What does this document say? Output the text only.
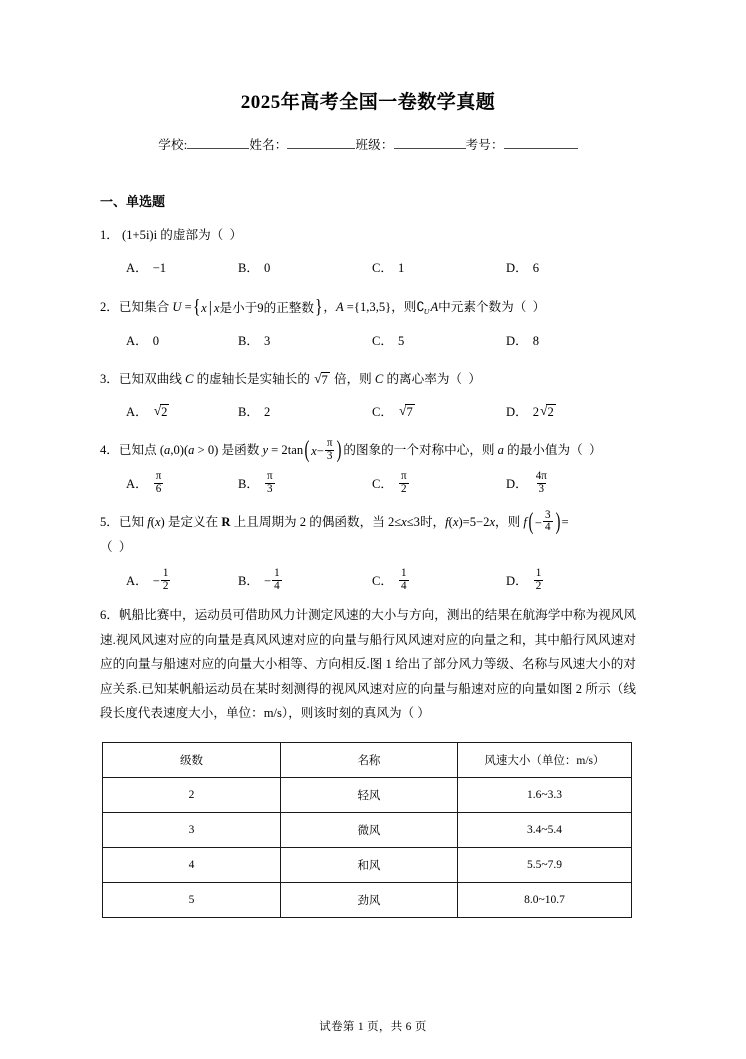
2025年高考全国一卷数学真题
学校:	姓名：	班级：	考号：
一、单选题
1． (1+5i)i 的虚部为（  ）
A． −1	B． 0	C． 1	D． 6
2．已知集合 U = { x | x 是小于9的正整数 } ，A ={1,3,5}，则$∁_UA$中元素个数为（  ）
A． 0	B． 3	C． 5	D． 8
3．已知双曲线 C 的虚轴长是实轴长的 √ 7 倍，则 C 的离心率为（  ）
A． √ 2	B． 2	C． √ 7	D． 2 √ 2
4．已知点 (a,0)(a > 0) 是函数 y = 2tan ( $x - \frac{\pi}{3}$ ) 的图象的一个对称中心，则 a 的最小值为（  ）
A． $\frac{\pi}{6}$	B． $\frac{\pi}{3}$	C． $\frac{\pi}{2}$	D． $\frac{4\pi}{3}$
5．已知 f(x) 是定义在 R 上且周期为 2 的偶函数，当 2≤x≤3时，f(x)=5−2x，则 f ( − $\frac{3}{4}$ ) =
（  ）
A． − $\frac{1}{2}$	B． − $\frac{1}{4}$	C． $\frac{1}{4}$	D． $\frac{1}{2}$
6．帆船比赛中，运动员可借助风力计测定风速的大小与方向，测出的结果在航海学中称为视风风速.视风风速对应的向量是真风风速对应的向量与船行风风速对应的向量之和，其中船行风风速对应的向量与船速对应的向量大小相等、方向相反.图 1 给出了部分风力等级、名称与风速大小的对应关系.已知某帆船运动员在某时刻测得的视风风速对应的向量与船速对应的向量如图 2 所示（线段长度代表速度大小，单位：m/s），则该时刻的真风为（ ）
级数	名称	风速大小（单位：m/s）
2	轻风	1.6~3.3
3	微风	3.4~5.4
4	和风	5.5~7.9
5	劲风	8.0~10.7
试卷第 1 页，共 6 页
